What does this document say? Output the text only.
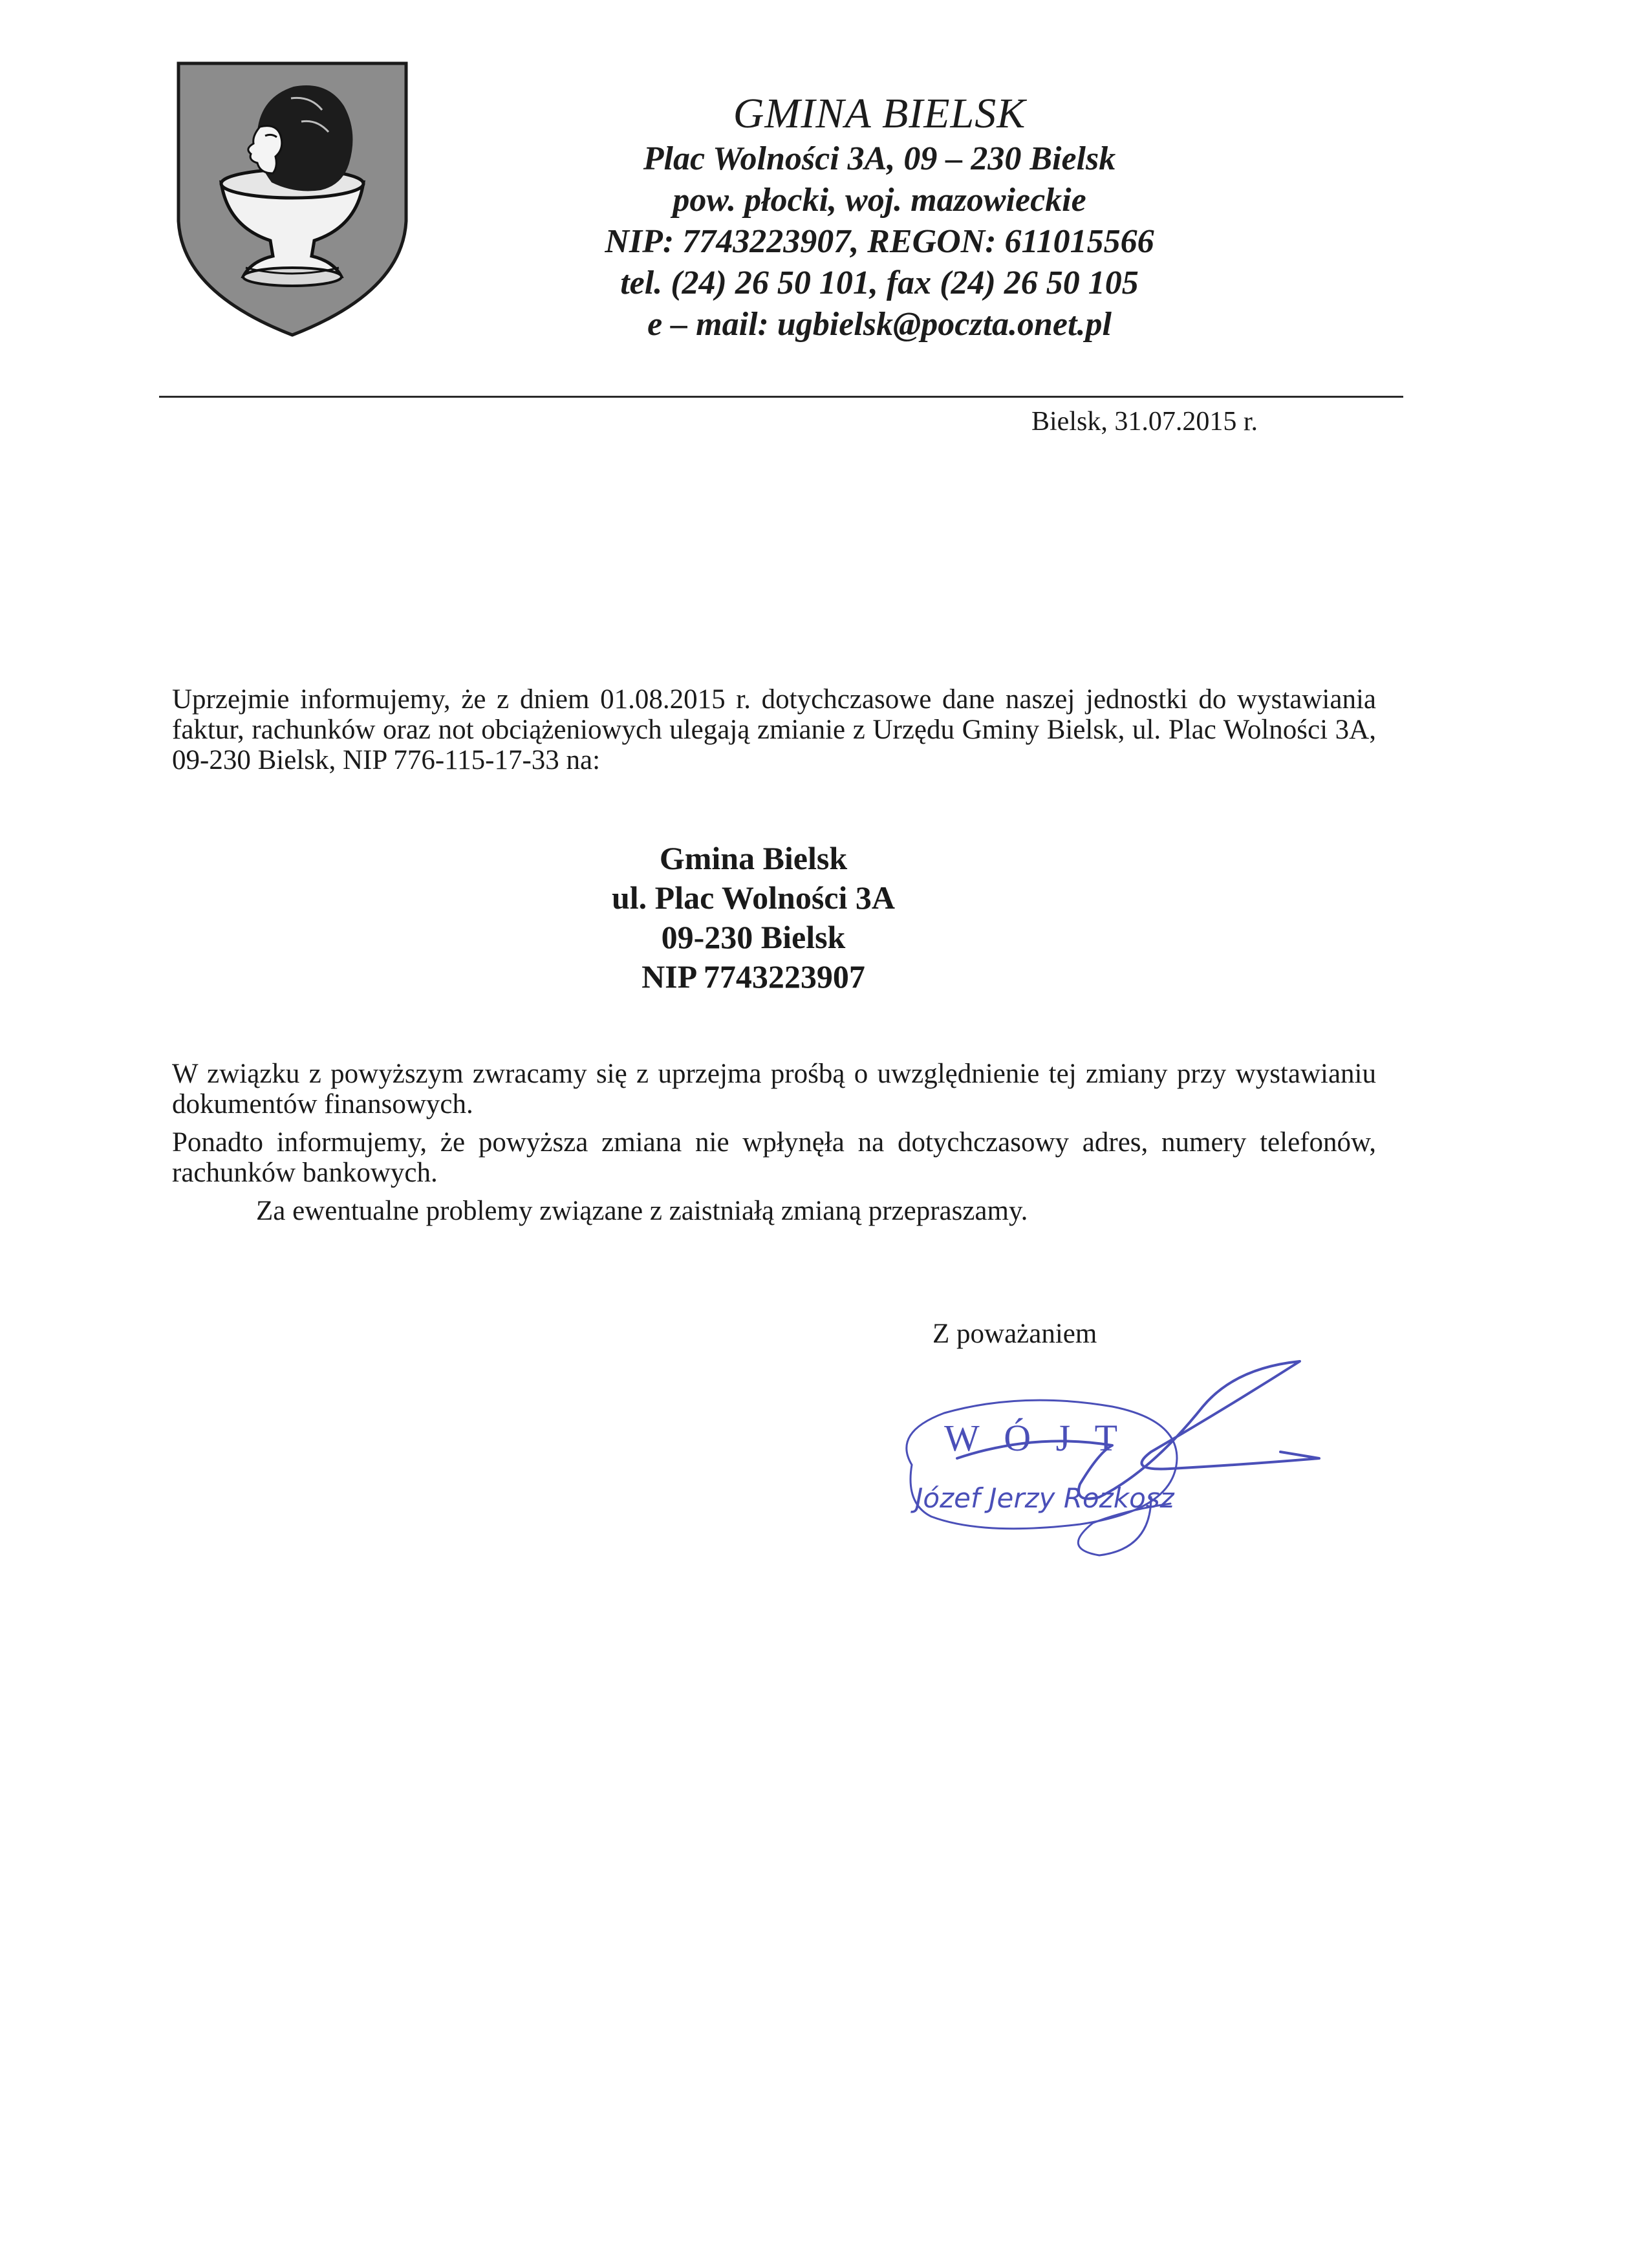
GMINA BIELSK
Plac Wolności 3A, 09 – 230 Bielsk
pow. płocki, woj. mazowieckie
NIP: 7743223907, REGON: 611015566
tel. (24) 26 50 101, fax (24) 26 50 105
e – mail: ugbielsk@poczta.onet.pl
Bielsk, 31.07.2015 r.

Uprzejmie informujemy, że z dniem 01.08.2015 r. dotychczasowe dane naszej jednostki do wystawiania faktur, rachunków oraz not obciążeniowych ulegają zmianie z Urzędu Gminy Bielsk, ul. Plac Wolności 3A, 09-230 Bielsk, NIP 776-115-17-33 na:

Gmina Bielsk
ul. Plac Wolności 3A
09-230 Bielsk
NIP 7743223907

W związku z powyższym zwracamy się z uprzejma prośbą o uwzględnienie tej zmiany przy wystawianiu dokumentów finansowych.

Ponadto informujemy, że powyższa zmiana nie wpłynęła na dotychczasowy adres, numery telefonów, rachunków bankowych.

Za ewentualne problemy związane z zaistniałą zmianą przepraszamy.

Z poważaniem
W Ó J T
Józef Jerzy Rozkosz
